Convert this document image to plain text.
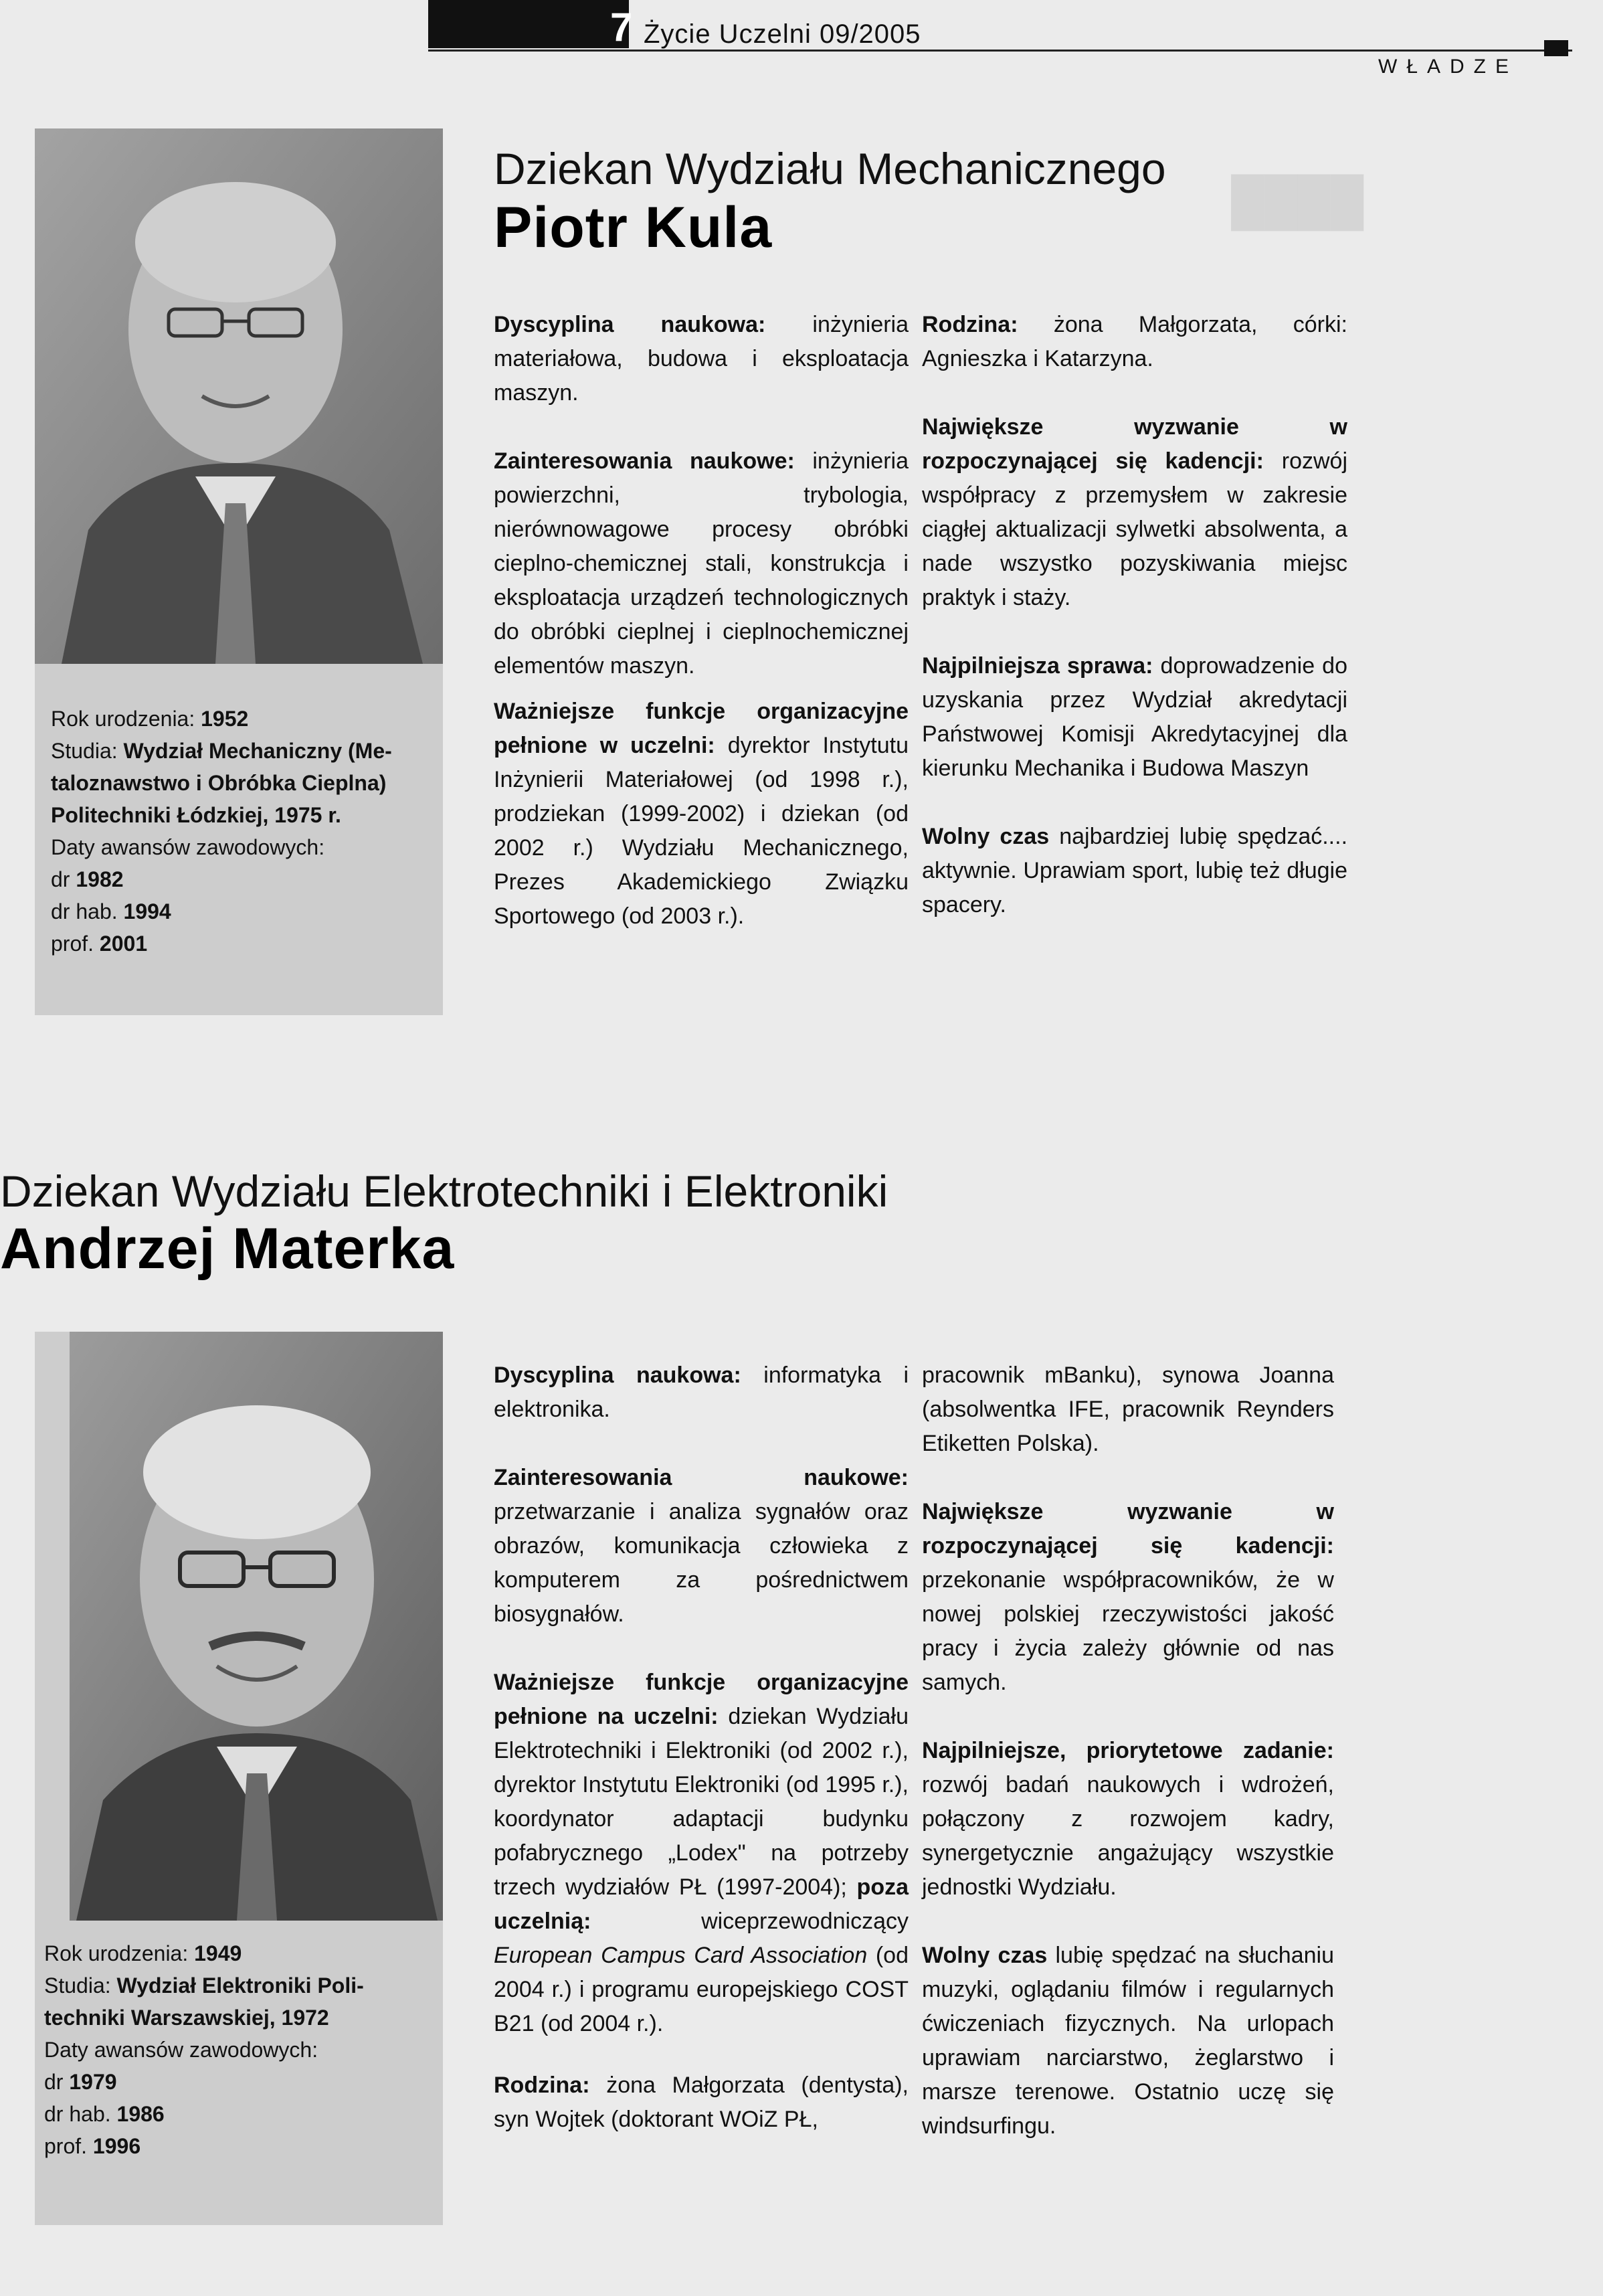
████
7 Życie Uczelni 09/2005
WŁADZE
Rok urodzenia: 1952
Studia: Wydział Mechaniczny (Me-
taloznawstwo i Obróbka Cieplna)
Politechniki Łódzkiej, 1975 r.
Daty awansów zawodowych:
dr 1982
dr hab. 1994
prof. 2001
Dziekan Wydziału Mechanicznego
Piotr Kula

Dyscyplina naukowa: inżynieria materiałowa, budowa i eksploatacja maszyn.

Zainteresowania naukowe: inżynieria powierzchni, trybologia, nierównowagowe procesy obróbki cieplno-chemicznej stali, konstrukcja i eksploatacja urządzeń technologicznych do obróbki cieplnej i cieplnochemicznej elementów maszyn.

Ważniejsze funkcje organizacyjne pełnione w uczelni: dyrektor Instytutu Inżynierii Materiałowej (od 1998 r.), prodziekan (1999-2002) i dziekan (od 2002 r.) Wydziału Mechanicznego, Prezes Akademickiego Związku Sportowego (od 2003 r.).

Rodzina: żona Małgorzata, córki: Agnieszka i Katarzyna.

Największe wyzwanie w rozpoczynającej się kadencji: rozwój współpracy z przemysłem w zakresie ciągłej aktualizacji sylwetki absolwenta, a nade wszystko pozyskiwania miejsc praktyk i staży.

Najpilniejsza sprawa: doprowadzenie do uzyskania przez Wydział akredytacji Państwowej Komisji Akredytacyjnej dla kierunku Mechanika i Budowa Maszyn

Wolny czas najbardziej lubię spędzać.... aktywnie. Uprawiam sport, lubię też długie spacery.

Dziekan Wydziału Elektrotechniki i Elektroniki
Andrzej Materka
Rok urodzenia: 1949
Studia: Wydział Elektroniki Poli-
techniki Warszawskiej, 1972
Daty awansów zawodowych:
dr 1979
dr hab. 1986
prof. 1996

Dyscyplina naukowa: informatyka i elektronika.

Zainteresowania naukowe: przetwarzanie i analiza sygnałów oraz obrazów, komunikacja człowieka z komputerem za pośrednictwem biosygnałów.

Ważniejsze funkcje organizacyjne pełnione na uczelni: dziekan Wydziału Elektrotechniki i Elektroniki (od 2002 r.), dyrektor Instytutu Elektroniki (od 1995 r.), koordynator adaptacji budynku pofabrycznego „Lodex" na potrzeby trzech wydziałów PŁ (1997-2004); poza uczelnią:	wiceprzewodniczący European Campus Card Association (od 2004 r.) i programu europejskiego COST B21 (od 2004 r.).

Rodzina: żona Małgorzata (dentysta), syn Wojtek (doktorant WOiZ PŁ,

pracownik mBanku), synowa Joanna (absolwentka IFE, pracownik Reynders Etiketten Polska).

Największe wyzwanie w rozpoczynającej się kadencji: przekonanie współpracowników, że w nowej polskiej rzeczywistości jakość pracy i życia zależy głównie od nas samych.

Najpilniejsze, priorytetowe zadanie: rozwój badań naukowych i wdrożeń, połączony z rozwojem kadry, synergetycznie angażujący wszystkie jednostki Wydziału.

Wolny czas lubię spędzać na słuchaniu muzyki, oglądaniu filmów i regularnych ćwiczeniach fizycznych. Na urlopach uprawiam narciarstwo, żeglarstwo i marsze terenowe. Ostatnio uczę się windsurfingu.
